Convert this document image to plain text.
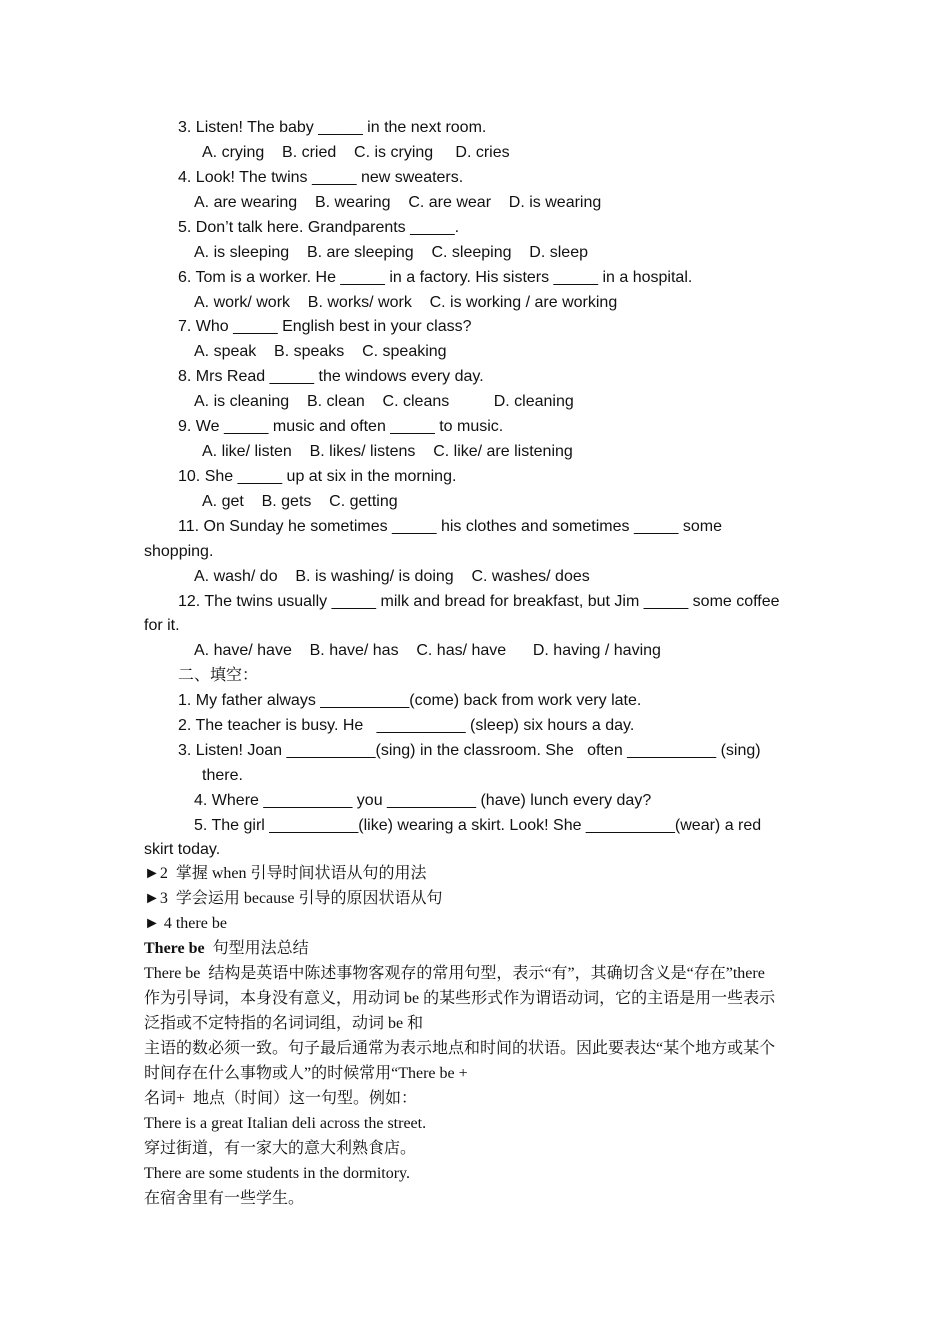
3. Listen! The baby _____ in the next room.
A. crying    B. cried    C. is crying     D. cries
4. Look! The twins _____ new sweaters.
A. are wearing    B. wearing    C. are wear    D. is wearing
5. Don’t talk here. Grandparents _____.
A. is sleeping    B. are sleeping    C. sleeping    D. sleep
6. Tom is a worker. He _____ in a factory. His sisters _____ in a hospital.
A. work/ work    B. works/ work    C. is working / are working
7. Who _____ English best in your class?
A. speak    B. speaks    C. speaking
8. Mrs Read _____ the windows every day.
A. is cleaning    B. clean    C. cleans          D. cleaning
9. We _____ music and often _____ to music.
A. like/ listen    B. likes/ listens    C. like/ are listening
10. She _____ up at six in the morning.
A. get    B. gets    C. getting
11. On Sunday he sometimes _____ his clothes and sometimes _____ some
shopping.
A. wash/ do    B. is washing/ is doing    C. washes/ does
12. The twins usually _____ milk and bread for breakfast, but Jim _____ some coffee
for it.
A. have/ have    B. have/ has    C. has/ have      D. having / having
二、填空：
1. My father always __________(come) back from work very late.
2. The teacher is busy. He   __________ (sleep) six hours a day.
3. Listen! Joan __________(sing) in the classroom. She   often __________ (sing)
there.
4. Where __________ you __________ (have) lunch every day?
5. The girl __________(like) wearing a skirt. Look! She __________(wear) a red
skirt today.
►2  掌握 when 引导时间状语从句的用法
►3  学会运用 because 引导的原因状语从句
► 4 there be
There be  句型用法总结
There be  结构是英语中陈述事物客观存的常用句型，表示“有”，其确切含义是“存在”there
作为引导词，本身没有意义，用动词 be 的某些形式作为谓语动词，它的主语是用一些表示
泛指或不定特指的名词词组，动词 be 和
主语的数必须一致。句子最后通常为表示地点和时间的状语。因此要表达“某个地方或某个
时间存在什么事物或人”的时候常用“There be +
名词+  地点（时间）这一句型。例如：
There is a great Italian deli across the street.
穿过街道，有一家大的意大利熟食店。
There are some students in the dormitory.
在宿舍里有一些学生。
